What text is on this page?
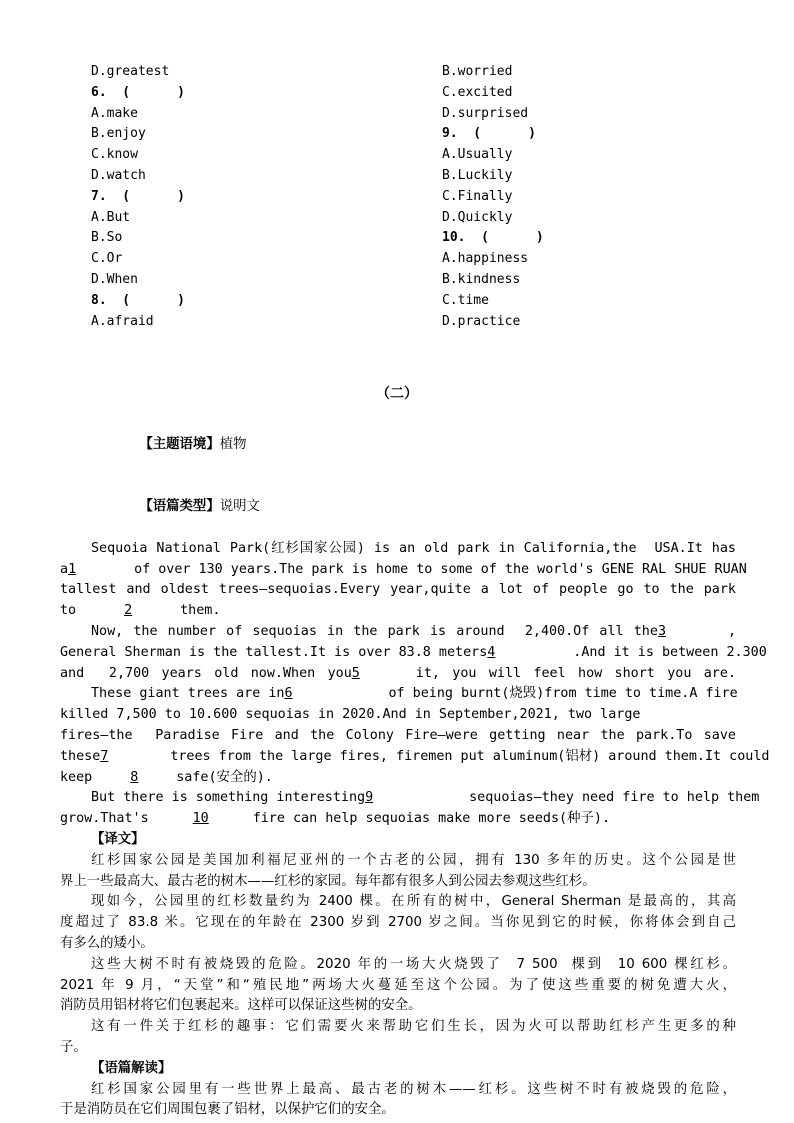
D.greatest
6.  (      )
A.make
B.enjoy
C.know
D.watch
7.  (      )
A.But
B.So
C.Or
D.When
8.  (      )
A.afraid
B.worried
C.excited
D.surprised
9.  (      )
A.Usually
B.Luckily
C.Finally
D.Quickly
10.  (      )
A.happiness
B.kindness
C.time
D.practice
（二）

【主题语境】植物

【语篇类型】说明文

Sequoia National Park(红杉国家公园) is an old park in California,the  USA.It has
a1	of over 130 years.The park is home to some of the world's GENE RAL SHUE RUAN
tallest and oldest trees—sequoias.Every year,quite a lot of people go to the park
to	2	them.
Now, the number of sequoias in the park is around  2,400.Of all the3	,
General Sherman is the tallest.It is over 83.8 meters4	.And it is between 2.300
and  2,700 years old now.When you5	it, you will feel how short you are.
These giant trees are in6	of being burnt(烧毁)from time to time.A fire
killed 7,500 to 10.600 sequoias in 2020.And in September,2021, two large
fires—the  Paradise Fire and the Colony Fire—were getting near the park.To save
these7	trees from the large fires, firemen put aluminum(铝材) around them.It could
keep	8	safe(安全的).
But there is something interesting9	sequoias—they need fire to help them
grow.That's	10	fire can help sequoias make more seeds(种子).
【译文】
红杉国家公园是美国加利福尼亚州的一个古老的公园，拥有 130 多年的历史。这个公园是世
界上一些最高大、最古老的树木——红杉的家园。每年都有很多人到公园去参观这些红杉。
现如今，公园里的红杉数量约为 2400 棵。在所有的树中，General Sherman 是最高的，其高
度超过了 83.8 米。它现在的年龄在 2300 岁到 2700 岁之间。当你见到它的时候，你将体会到自己
有多么的矮小。
这些大树不时有被烧毁的危险。2020 年的一场大火烧毁了  7 500  棵到  10 600 棵红杉。
2021 年 9 月，“天堂”和“殖民地”两场大火蔓延至这个公园。为了使这些重要的树免遭大火，
消防员用铝材将它们包裹起来。这样可以保证这些树的安全。
这有一件关于红杉的趣事：它们需要火来帮助它们生长，因为火可以帮助红杉产生更多的种
子。
【语篇解读】
红杉国家公园里有一些世界上最高、最古老的树木——红杉。这些树不时有被烧毁的危险，
于是消防员在它们周围包裹了铝材，以保护它们的安全。
